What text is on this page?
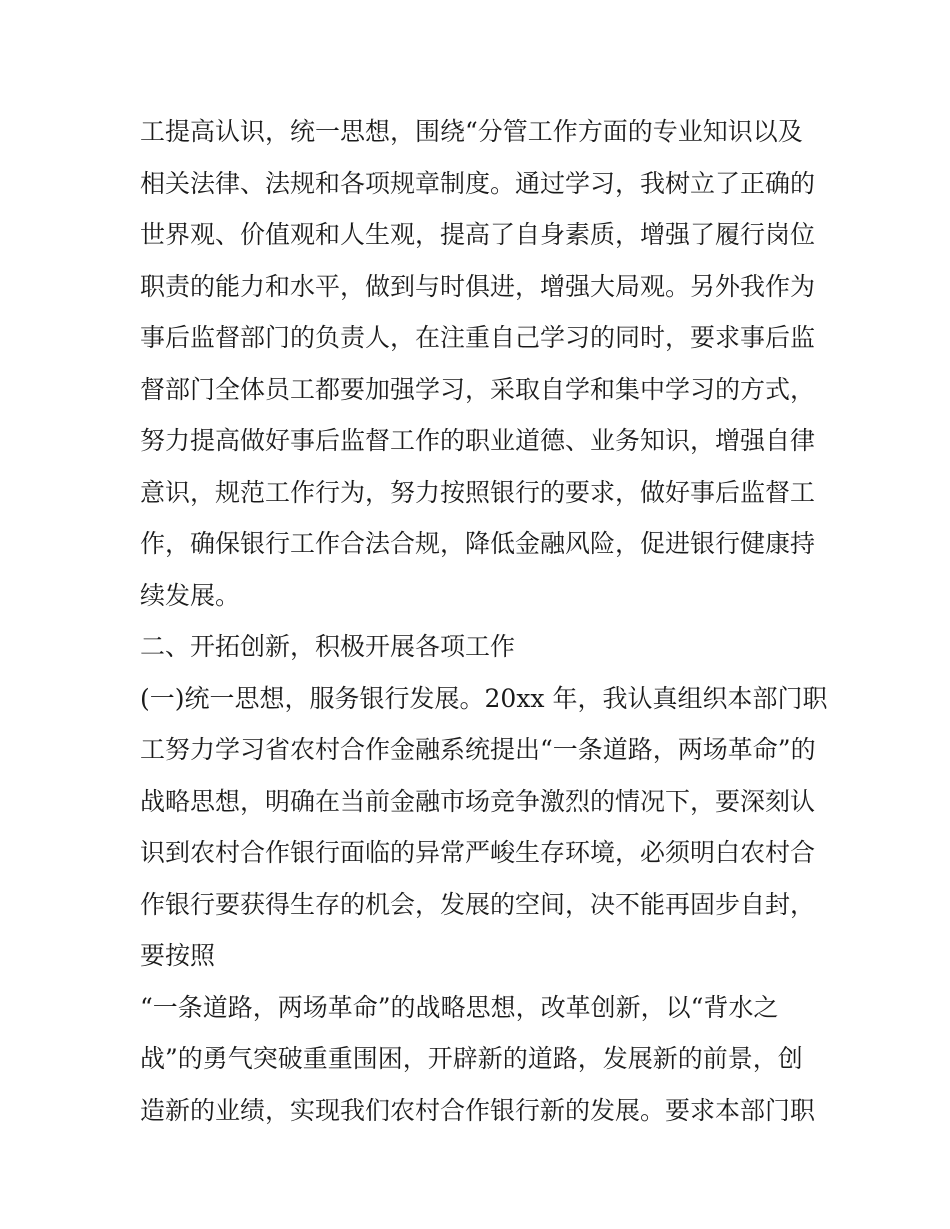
工提高认识，统一思想，围绕“分管工作方面的专业知识以及
相关法律、法规和各项规章制度。通过学习，我树立了正确的
世界观、价值观和人生观，提高了自身素质，增强了履行岗位
职责的能力和水平，做到与时俱进，增强大局观。另外我作为
事后监督部门的负责人，在注重自己学习的同时，要求事后监
督部门全体员工都要加强学习，采取自学和集中学习的方式，
努力提高做好事后监督工作的职业道德、业务知识，增强自律
意识，规范工作行为，努力按照银行的要求，做好事后监督工
作，确保银行工作合法合规，降低金融风险，促进银行健康持
续发展。
二、开拓创新，积极开展各项工作
(一)统一思想，服务银行发展。20xx 年，我认真组织本部门职
工努力学习省农村合作金融系统提出“一条道路，两场革命”的
战略思想，明确在当前金融市场竞争激烈的情况下，要深刻认
识到农村合作银行面临的异常严峻生存环境，必须明白农村合
作银行要获得生存的机会，发展的空间，决不能再固步自封，
要按照
“一条道路，两场革命”的战略思想，改革创新，以“背水之
战”的勇气突破重重围困，开辟新的道路，发展新的前景，创
造新的业绩，实现我们农村合作银行新的发展。要求本部门职
